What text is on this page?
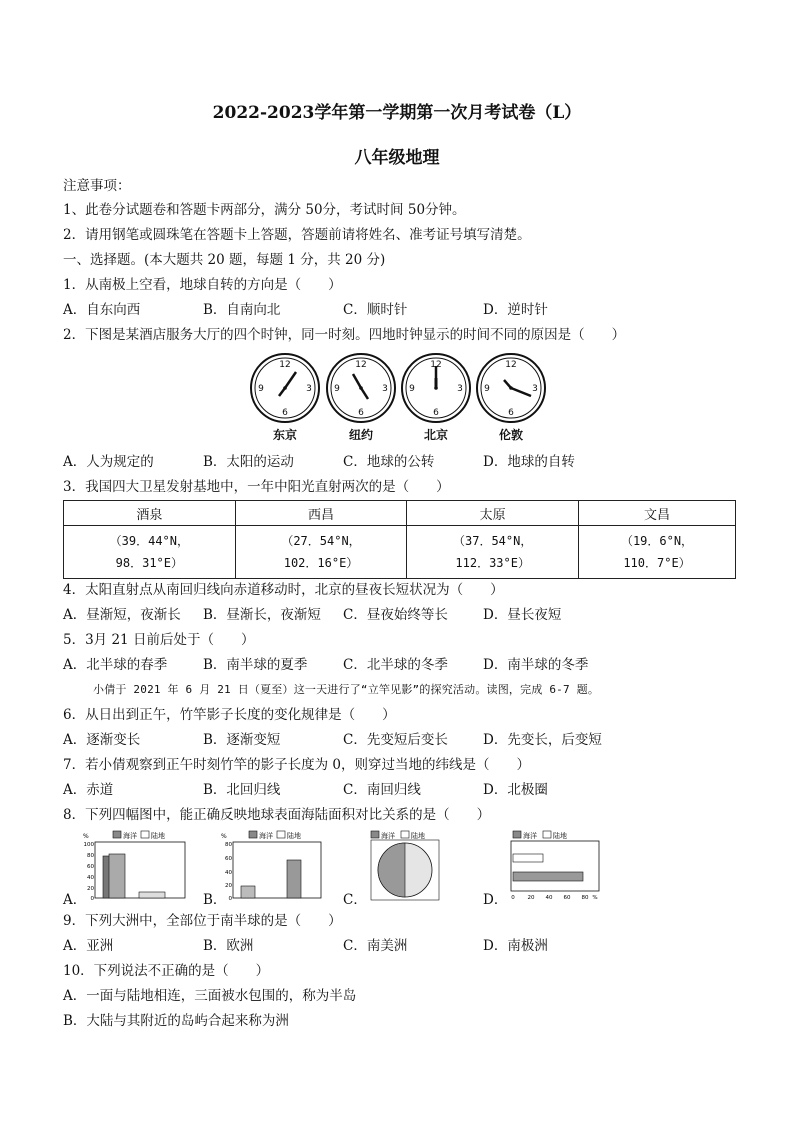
2022-2023学年第一学期第一次月考试卷（L）
八年级地理
注意事项：
1、此卷分试题卷和答题卡两部分，满分 50分，考试时间 50分钟。
2．请用钢笔或圆珠笔在答题卡上答题，答题前请将姓名、准考证号填写清楚。
一、选择题。(本大题共 20 题，每题 1 分，共 20 分)
1．从南极上空看，地球自转的方向是（　　）
A．自东向西	B．自南向北	C．顺时针	D．逆时针
2．下图是某酒店服务大厅的四个时钟，同一时刻。四地时钟显示的时间不同的原因是（　　）
12
3
6
9
12
3
6
9
12
3
6
9
12
3
6
9
东京	纽约	北京	伦敦
A．人为规定的	B．太阳的运动	C．地球的公转	D．地球的自转
3．我国四大卫星发射基地中，一年中阳光直射两次的是（　　）
酒泉	西昌	太原	文昌
（39．44°N，
98．31°E）	（27．54°N，
102．16°E）	（37．54°N，
112．33°E）	（19．6°N，
110．7°E）
4．太阳直射点从南回归线向赤道移动时，北京的昼夜长短状况为（　　）
A．昼渐短，夜渐长 B．昼渐长，夜渐短 C．昼夜始终等长	D．昼长夜短
5．3月 21 日前后处于（　　）
A．北半球的春季	B．南半球的夏季	C．北半球的冬季	D．南半球的冬季
小倩于 2021 年 6 月 21 日（夏至）这一天进行了“立竿见影”的探究活动。读图，完成 6-7 题。
6．从日出到正午，竹竿影子长度的变化规律是（　　）
A．逐渐变长	B．逐渐变短	C．先变短后变长	D．先变长，后变短
7．若小倩观察到正午时刻竹竿的影子长度为 0，则穿过当地的纬线是（　　）
A．赤道	B．北回归线	C．南回归线	D．北极圈
8．下列四幅图中，能正确反映地球表面海陆面积对比关系的是（　　）
A．	B．	C．	D．
%	海洋 陆地
100
80
60
40
20
0
%	海洋 陆地
80
60
40
20
0
海洋 陆地	海洋 陆地
0 20 40 60 80 %
9．下列大洲中，全部位于南半球的是（　　）
A．亚洲	B．欧洲	C．南美洲	D．南极洲
10．下列说法不正确的是（　　）
A．一面与陆地相连，三面被水包围的，称为半岛
B．大陆与其附近的岛屿合起来称为洲
